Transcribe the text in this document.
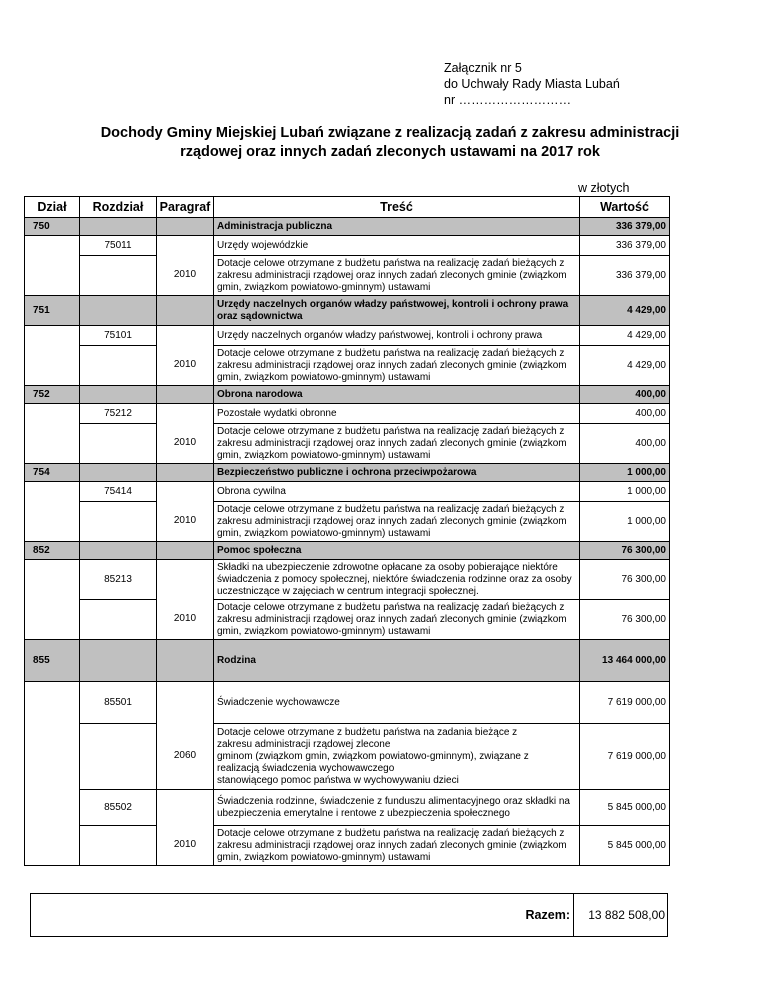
Załącznik nr 5
do Uchwały Rady Miasta Lubań
nr ………………………
Dochody Gminy Miejskiej Lubań związane z realizacją zadań z zakresu administracji rządowej oraz innych zadań zleconych ustawami na 2017 rok
w złotych
Dział	Rozdział	Paragraf	Treść	Wartość
750			Administracja publiczna	336 379,00
	75011		Urzędy wojewódzkie	336 379,00
		2010	Dotacje celowe otrzymane z budżetu państwa na realizację zadań bieżących z zakresu administracji rządowej oraz innych zadań zleconych gminie (związkom gmin, związkom powiatowo-gminnym) ustawami	336 379,00
751			Urzędy naczelnych organów władzy państwowej, kontroli i ochrony prawa oraz sądownictwa	4 429,00
	75101		Urzędy naczelnych organów władzy państwowej, kontroli i ochrony prawa	4 429,00
		2010	Dotacje celowe otrzymane z budżetu państwa na realizację zadań bieżących z zakresu administracji rządowej oraz innych zadań zleconych gminie (związkom gmin, związkom powiatowo-gminnym) ustawami	4 429,00
752			Obrona narodowa	400,00
	75212		Pozostałe wydatki obronne	400,00
		2010	Dotacje celowe otrzymane z budżetu państwa na realizację zadań bieżących z zakresu administracji rządowej oraz innych zadań zleconych gminie (związkom gmin, związkom powiatowo-gminnym) ustawami	400,00
754			Bezpieczeństwo publiczne i ochrona przeciwpożarowa	1 000,00
	75414		Obrona cywilna	1 000,00
		2010	Dotacje celowe otrzymane z budżetu państwa na realizację zadań bieżących z zakresu administracji rządowej oraz innych zadań zleconych gminie (związkom gmin, związkom powiatowo-gminnym) ustawami	1 000,00
852			Pomoc społeczna	76 300,00
	85213		Składki na ubezpieczenie zdrowotne opłacane za osoby pobierające niektóre świadczenia z pomocy społecznej, niektóre świadczenia rodzinne oraz za osoby uczestniczące w zajęciach w centrum integracji społecznej.	76 300,00
		2010	Dotacje celowe otrzymane z budżetu państwa na realizację zadań bieżących z zakresu administracji rządowej oraz innych zadań zleconych gminie (związkom gmin, związkom powiatowo-gminnym) ustawami	76 300,00
855			Rodzina	13 464 000,00
	85501		Świadczenie wychowawcze	7 619 000,00
		2060	Dotacje celowe otrzymane z budżetu państwa na zadania bieżące z
zakresu administracji rządowej zlecone
gminom (związkom gmin, związkom powiatowo-gminnym), związane z
realizacją świadczenia wychowawczego
stanowiącego pomoc państwa w wychowywaniu dzieci	7 619 000,00
	85502		Świadczenia rodzinne, świadczenie z funduszu alimentacyjnego oraz składki na ubezpieczenia emerytalne i rentowe z ubezpieczenia społecznego	5 845 000,00
		2010	Dotacje celowe otrzymane z budżetu państwa na realizację zadań bieżących z zakresu administracji rządowej oraz innych zadań zleconych gminie (związkom gmin, związkom powiatowo-gminnym) ustawami	5 845 000,00
Razem:	13 882 508,00
